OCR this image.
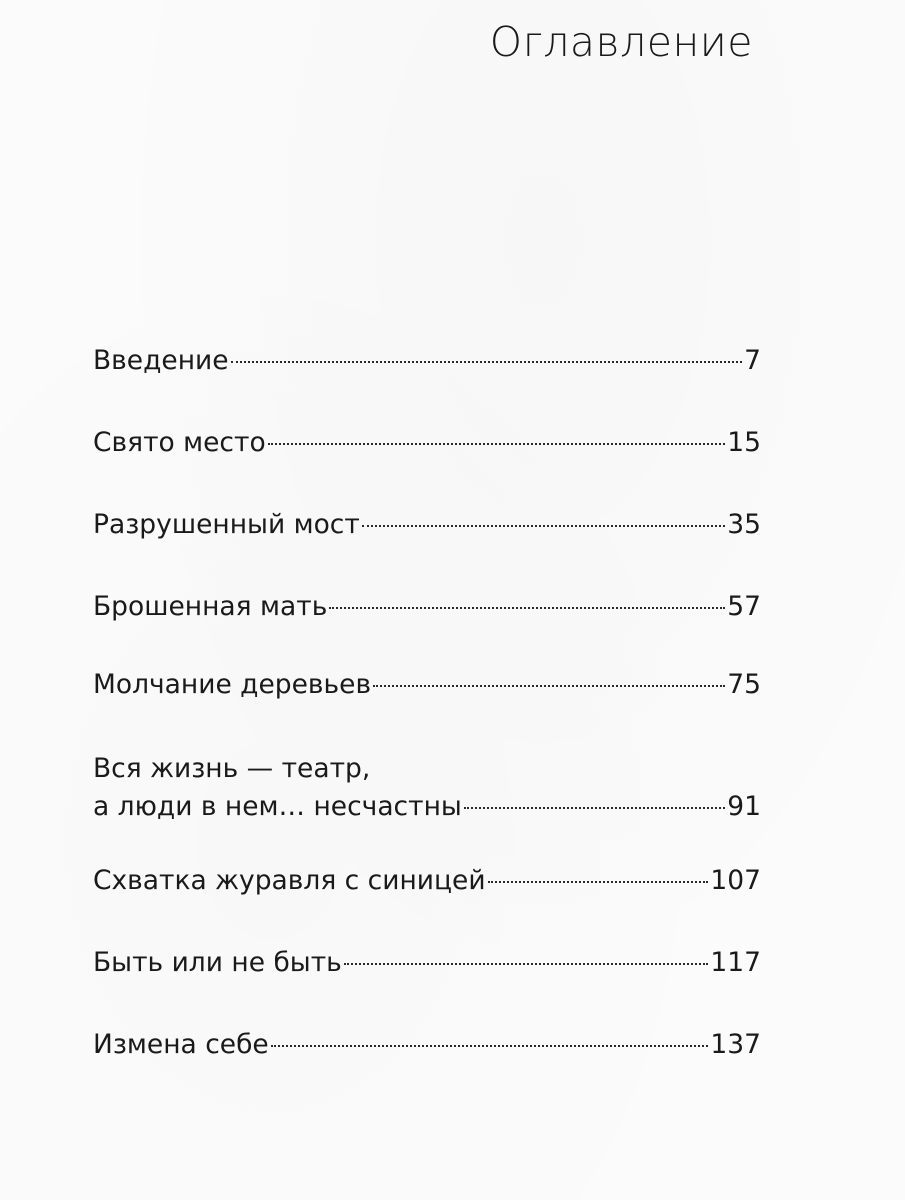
Оглавление
Введение	7
Свято место	15
Разрушенный мост	35
Брошенная мать	57
Молчание деревьев	75
Вся жизнь — театр,
а люди в нем… несчастны	91
Схватка журавля с синицей	107
Быть или не быть	117
Измена себе	137
